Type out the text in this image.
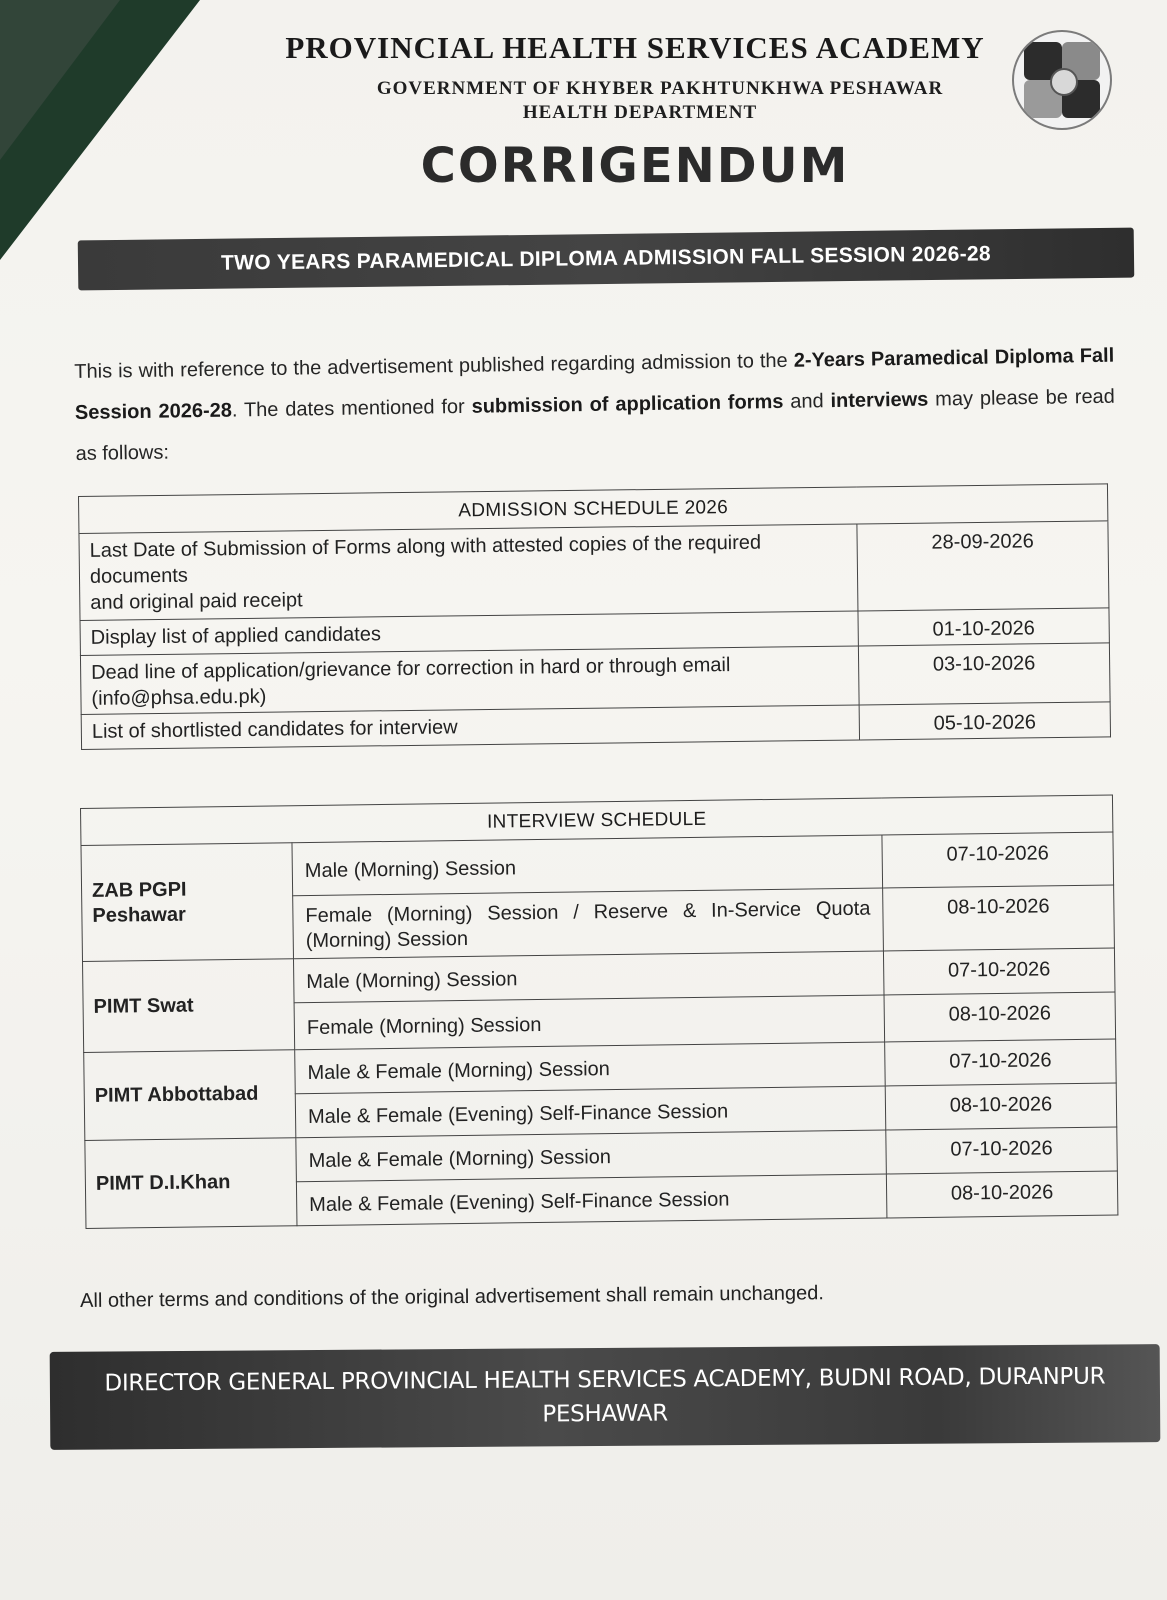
PROVINCIAL HEALTH SERVICES ACADEMY
GOVERNMENT OF KHYBER PAKHTUNKHWA PESHAWAR
HEALTH DEPARTMENT
CORRIGENDUM
TWO YEARS PARAMEDICAL DIPLOMA ADMISSION FALL SESSION 2026-28

This is with reference to the advertisement published regarding admission to the 2-Years Paramedical Diploma Fall Session 2026-28. The dates mentioned for submission of application forms and interviews may please be read as follows:

ADMISSION SCHEDULE 2026	
Last Date of Submission of Forms along with attested copies of the required documents
and original paid receipt	28-09-2026
Display list of applied candidates	01-10-2026
Dead line of application/grievance for correction in hard or through email (info@phsa.edu.pk)	03-10-2026
List of shortlisted candidates for interview	05-10-2026
INTERVIEW SCHEDULE		
ZAB PGPI Peshawar	Male (Morning) Session	07-10-2026
	Female (Morning) Session / Reserve & In-Service Quota (Morning) Session	08-10-2026
PIMT Swat	Male (Morning) Session	07-10-2026
	Female (Morning) Session	08-10-2026
PIMT Abbottabad	Male & Female (Morning) Session	07-10-2026
	Male & Female (Evening) Self-Finance Session	08-10-2026
PIMT D.I.Khan	Male & Female (Morning) Session	07-10-2026
	Male & Female (Evening) Self-Finance Session	08-10-2026
All other terms and conditions of the original advertisement shall remain unchanged.
DIRECTOR GENERAL PROVINCIAL HEALTH SERVICES ACADEMY, BUDNI ROAD, DURANPUR PESHAWAR
